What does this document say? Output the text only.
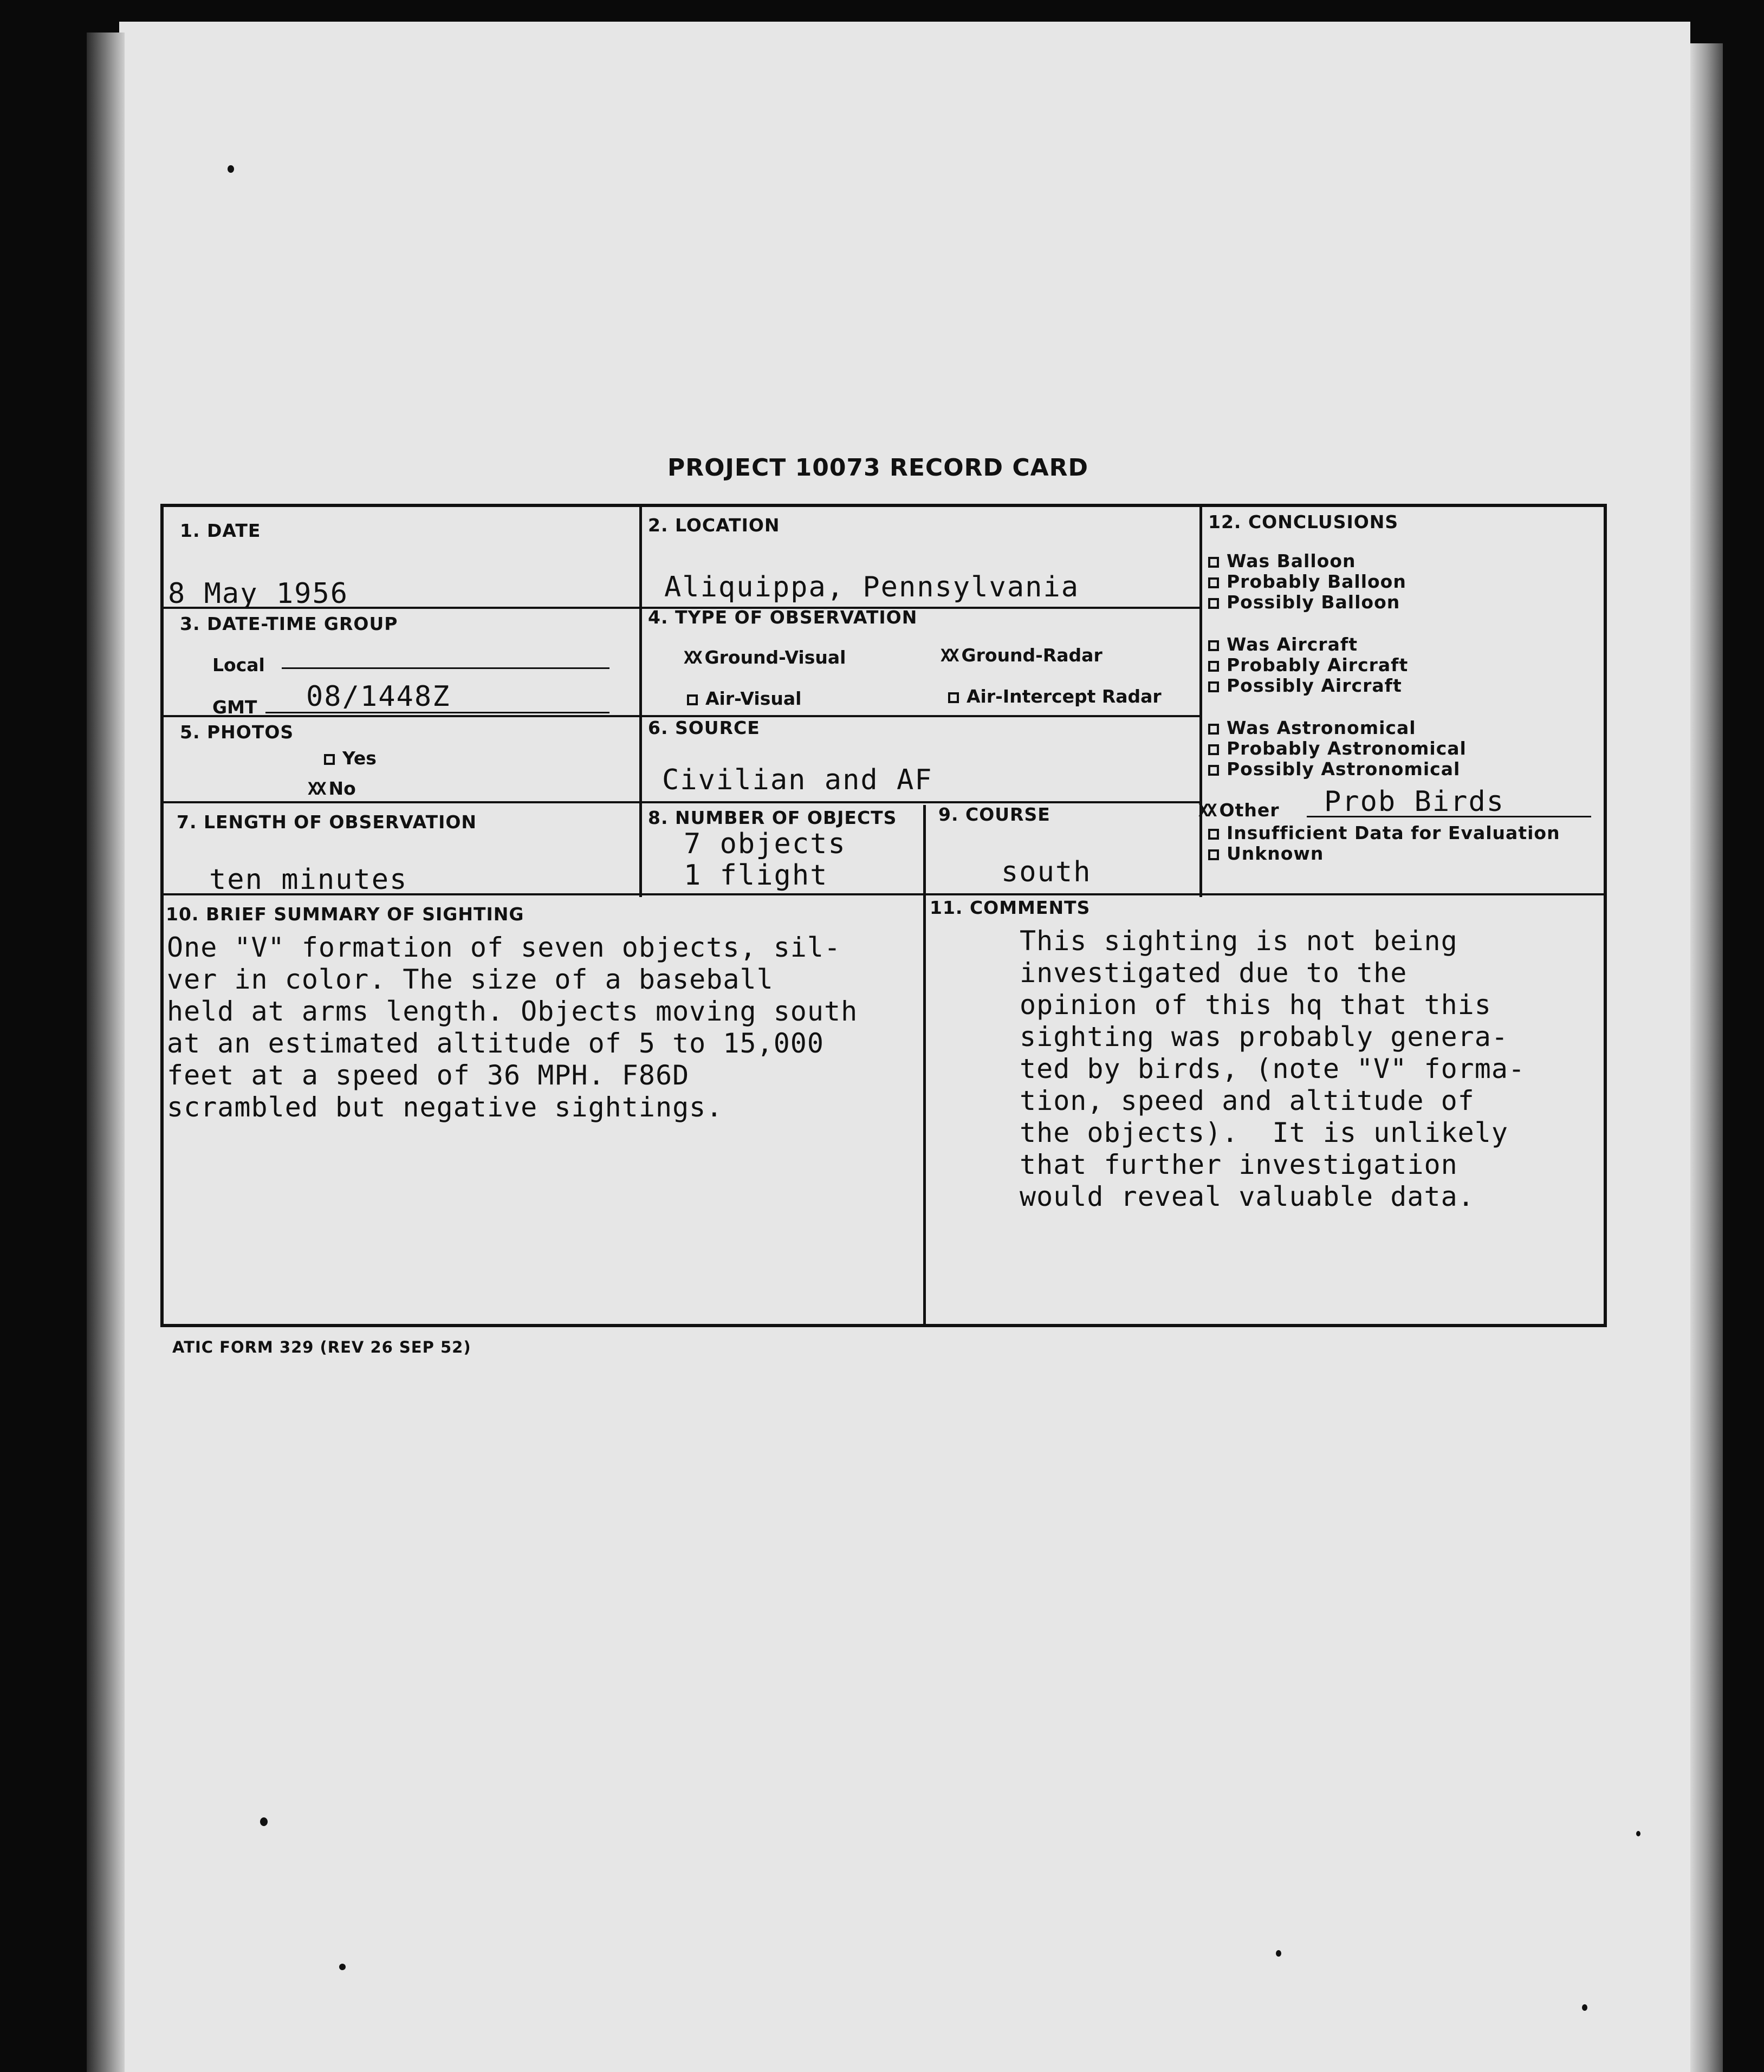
PROJECT 10073 RECORD CARD
1. DATE
8 May 1956
2. LOCATION
Aliquippa, Pennsylvania
3. DATE-TIME GROUP
Local
GMT 08/1448Z
4. TYPE OF OBSERVATION
XX Ground-Visual	XX Ground-Radar
Air-Visual	Air-Intercept Radar
5. PHOTOS
Yes
XX No
6. SOURCE
Civilian and AF
7. LENGTH OF OBSERVATION
ten minutes
8. NUMBER OF OBJECTS
7 objects
1 flight
9. COURSE
south
10. BRIEF SUMMARY OF SIGHTING
One "V" formation of seven objects, sil-
ver in color. The size of a baseball
held at arms length. Objects moving south
at an estimated altitude of 5 to 15,000
feet at a speed of 36 MPH. F86D
scrambled but negative sightings.
11. COMMENTS
This sighting is not being
investigated due to the
opinion of this hq that this
sighting was probably genera-
ted by birds, (note "V" forma-
tion, speed and altitude of
the objects).  It is unlikely
that further investigation
would reveal valuable data.
12. CONCLUSIONS
Was Balloon
Probably Balloon
Possibly Balloon
Was Aircraft
Probably Aircraft
Possibly Aircraft
Was Astronomical
Probably Astronomical
Possibly Astronomical
XX Other Prob Birds
Insufficient Data for Evaluation
Unknown
ATIC FORM 329 (REV 26 SEP 52)
